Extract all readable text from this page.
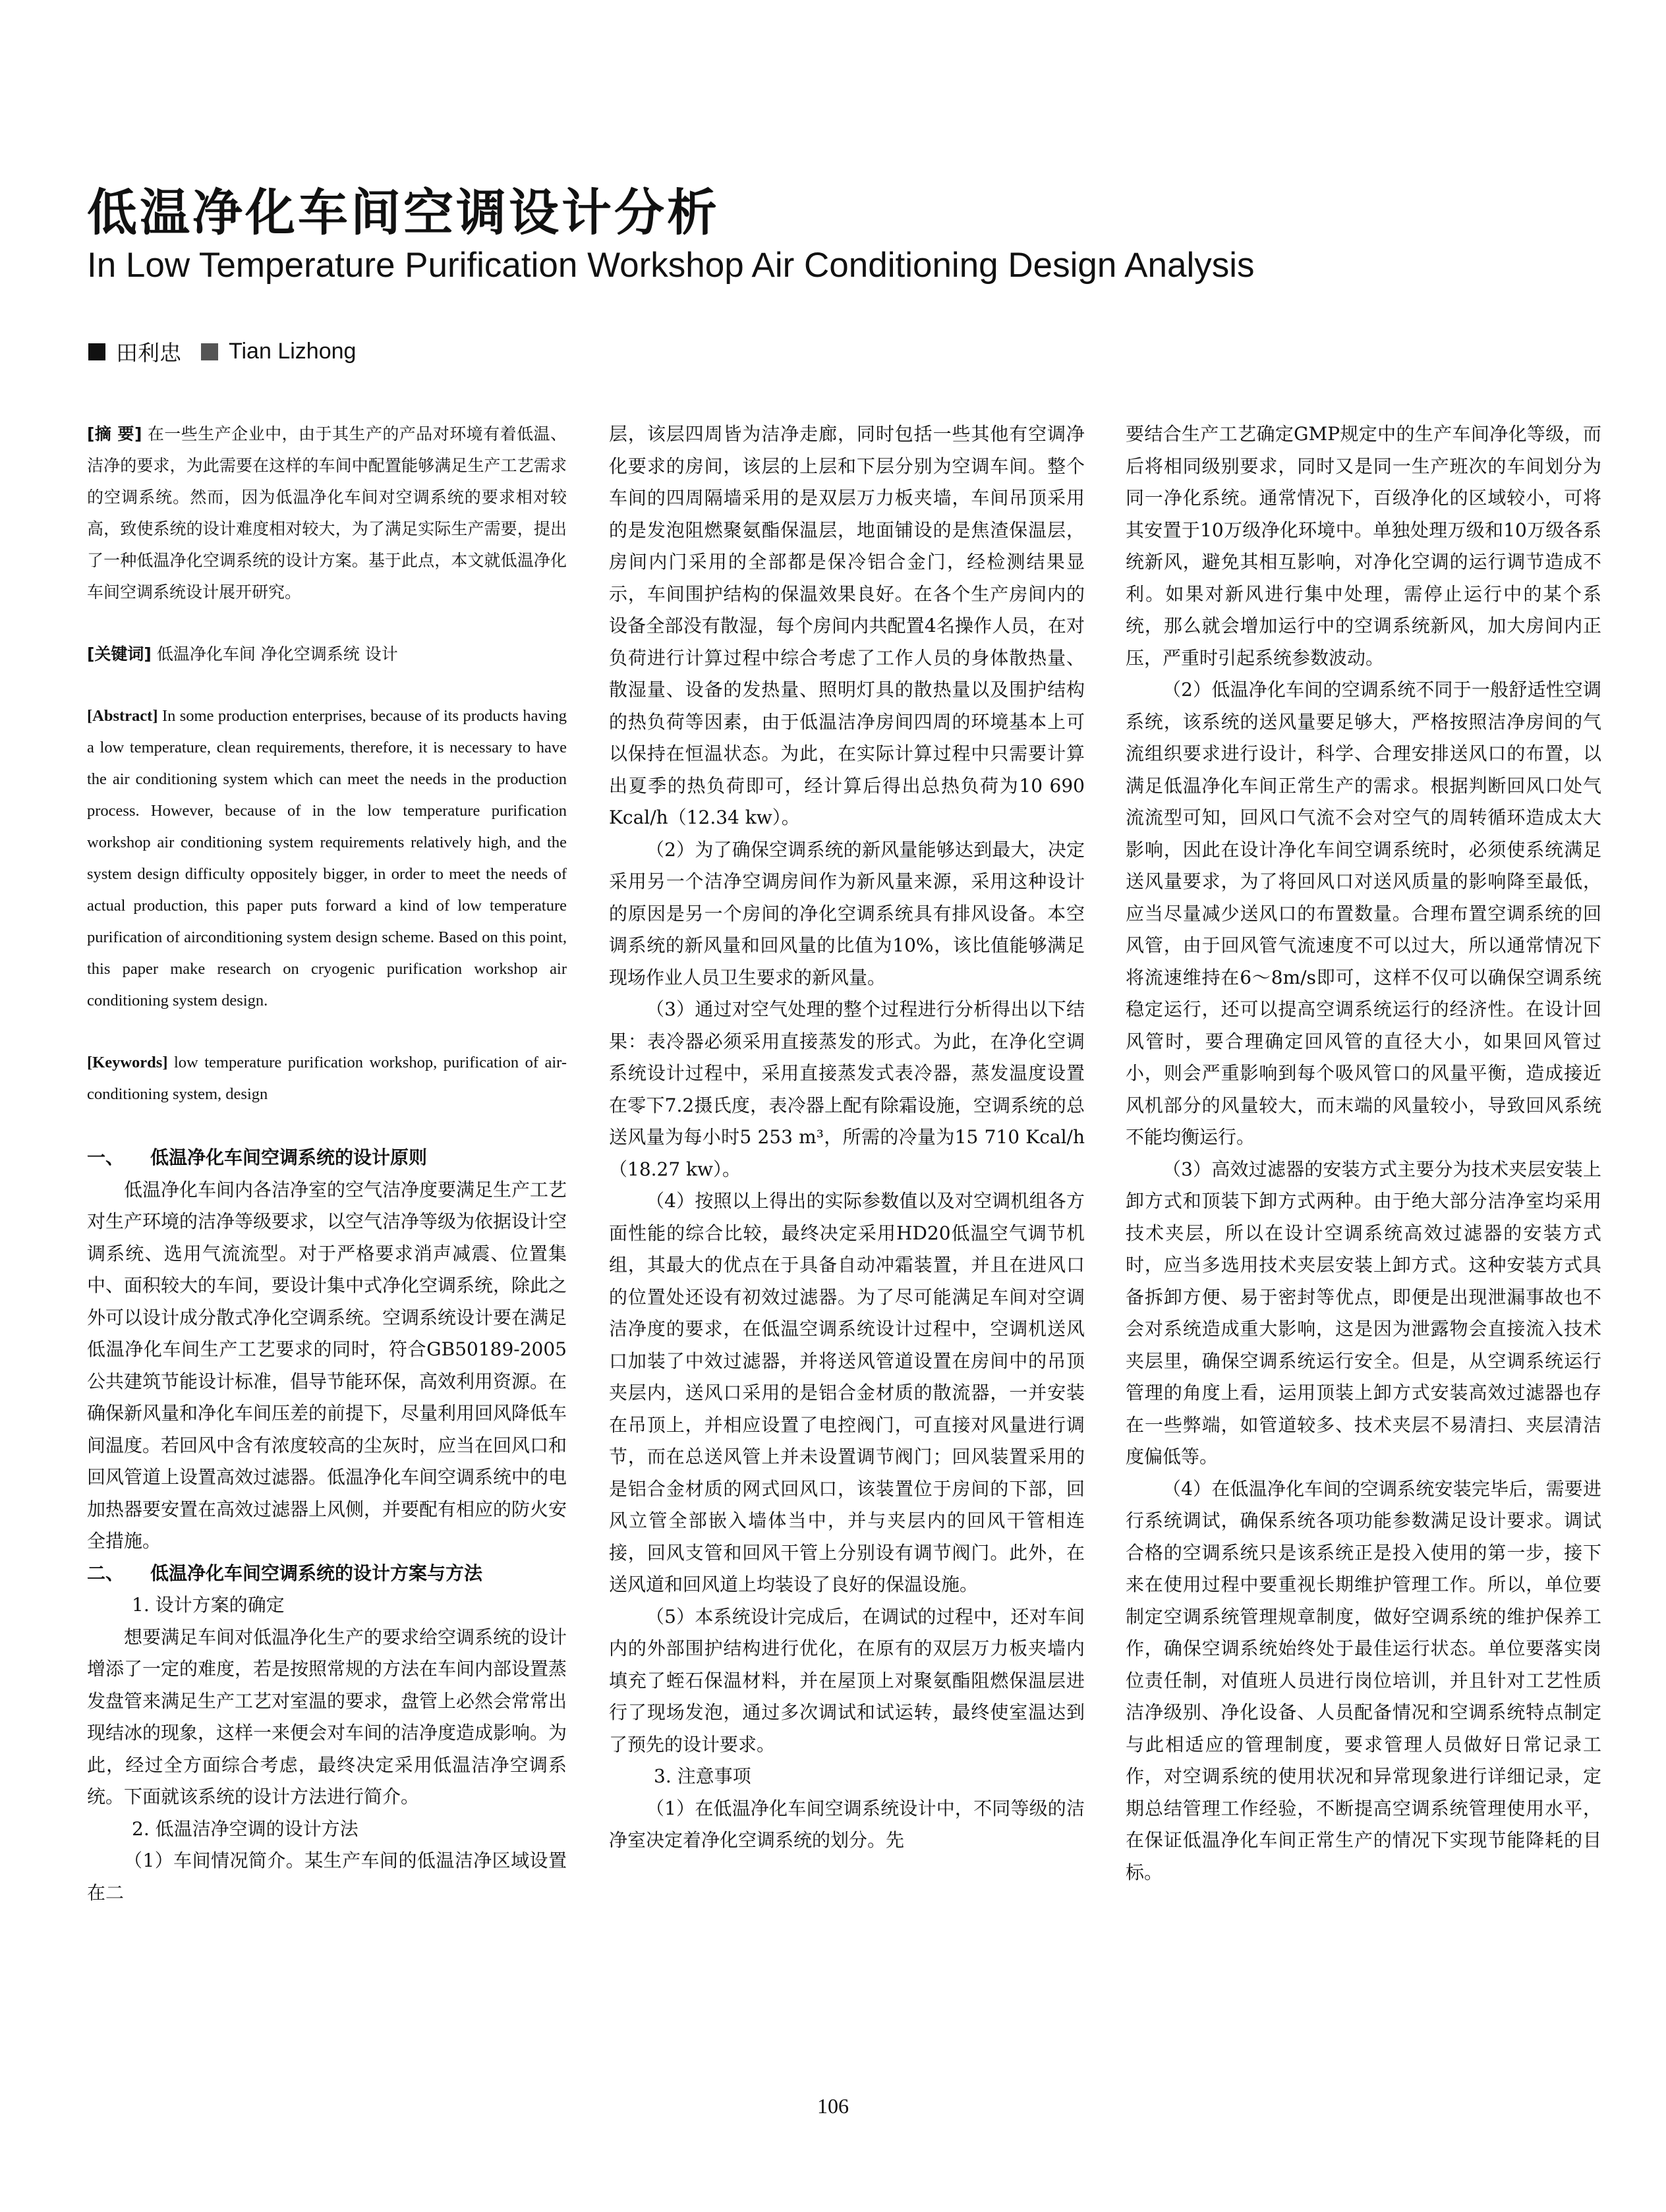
低温净化车间空调设计分析
In Low Temperature Purification Workshop Air Conditioning Design Analysis
田利忠 Tian Lizhong

[摘 要] 在一些生产企业中，由于其生产的产品对环境有着低温、洁净的要求，为此需要在这样的车间中配置能够满足生产工艺需求的空调系统。然而，因为低温净化车间对空调系统的要求相对较高，致使系统的设计难度相对较大，为了满足实际生产需要，提出了一种低温净化空调系统的设计方案。基于此点，本文就低温净化车间空调系统设计展开研究。

[关键词] 低温净化车间 净化空调系统 设计

[Abstract] In some production enterprises, because of its products having a low temperature, clean requirements, therefore, it is necessary to have the air conditioning system which can meet the needs in the production process. However, because of in the low temperature purification workshop air conditioning system requirements relatively high, and the system design difficulty oppositely bigger, in order to meet the needs of actual production, this paper puts forward a kind of low temperature purification of airconditioning system design scheme. Based on this point, this paper make research on cryogenic purification workshop air conditioning system design.

[Keywords] low temperature purification workshop, purification of air-conditioning system, design

一、 低温净化车间空调系统的设计原则

低温净化车间内各洁净室的空气洁净度要满足生产工艺对生产环境的洁净等级要求，以空气洁净等级为依据设计空调系统、选用气流流型。对于严格要求消声减震、位置集中、面积较大的车间，要设计集中式净化空调系统，除此之外可以设计成分散式净化空调系统。空调系统设计要在满足低温净化车间生产工艺要求的同时，符合GB50189-2005公共建筑节能设计标准，倡导节能环保，高效利用资源。在确保新风量和净化车间压差的前提下，尽量利用回风降低车间温度。若回风中含有浓度较高的尘灰时，应当在回风口和回风管道上设置高效过滤器。低温净化车间空调系统中的电加热器要安置在高效过滤器上风侧，并要配有相应的防火安全措施。

二、 低温净化车间空调系统的设计方案与方法

1. 设计方案的确定

想要满足车间对低温净化生产的要求给空调系统的设计增添了一定的难度，若是按照常规的方法在车间内部设置蒸发盘管来满足生产工艺对室温的要求，盘管上必然会常常出现结冰的现象，这样一来便会对车间的洁净度造成影响。为此，经过全方面综合考虑，最终决定采用低温洁净空调系统。下面就该系统的设计方法进行简介。

2. 低温洁净空调的设计方法

（1）车间情况简介。某生产车间的低温洁净区域设置在二

层，该层四周皆为洁净走廊，同时包括一些其他有空调净化要求的房间，该层的上层和下层分别为空调车间。整个车间的四周隔墙采用的是双层万力板夹墙，车间吊顶采用的是发泡阻燃聚氨酯保温层，地面铺设的是焦渣保温层，房间内门采用的全部都是保冷铝合金门，经检测结果显示，车间围护结构的保温效果良好。在各个生产房间内的设备全部没有散湿，每个房间内共配置4名操作人员，在对负荷进行计算过程中综合考虑了工作人员的身体散热量、散湿量、设备的发热量、照明灯具的散热量以及围护结构的热负荷等因素，由于低温洁净房间四周的环境基本上可以保持在恒温状态。为此，在实际计算过程中只需要计算出夏季的热负荷即可，经计算后得出总热负荷为10 690 Kcal/h（12.34 kw）。

（2）为了确保空调系统的新风量能够达到最大，决定采用另一个洁净空调房间作为新风量来源，采用这种设计的原因是另一个房间的净化空调系统具有排风设备。本空调系统的新风量和回风量的比值为10%，该比值能够满足现场作业人员卫生要求的新风量。

（3）通过对空气处理的整个过程进行分析得出以下结果：表冷器必须采用直接蒸发的形式。为此，在净化空调系统设计过程中，采用直接蒸发式表冷器，蒸发温度设置在零下7.2摄氏度，表冷器上配有除霜设施，空调系统的总送风量为每小时5 253 m³，所需的冷量为15 710 Kcal/h（18.27 kw）。

（4）按照以上得出的实际参数值以及对空调机组各方面性能的综合比较，最终决定采用HD20低温空气调节机组，其最大的优点在于具备自动冲霜装置，并且在进风口的位置处还设有初效过滤器。为了尽可能满足车间对空调洁净度的要求，在低温空调系统设计过程中，空调机送风口加装了中效过滤器，并将送风管道设置在房间中的吊顶夹层内，送风口采用的是铝合金材质的散流器，一并安装在吊顶上，并相应设置了电控阀门，可直接对风量进行调节，而在总送风管上并未设置调节阀门；回风装置采用的是铝合金材质的网式回风口，该装置位于房间的下部，回风立管全部嵌入墙体当中，并与夹层内的回风干管相连接，回风支管和回风干管上分别设有调节阀门。此外，在送风道和回风道上均装设了良好的保温设施。

（5）本系统设计完成后，在调试的过程中，还对车间内的外部围护结构进行优化，在原有的双层万力板夹墙内填充了蛭石保温材料，并在屋顶上对聚氨酯阻燃保温层进行了现场发泡，通过多次调试和试运转，最终使室温达到了预先的设计要求。

3. 注意事项

（1）在低温净化车间空调系统设计中，不同等级的洁净室决定着净化空调系统的划分。先

要结合生产工艺确定GMP规定中的生产车间净化等级，而后将相同级别要求，同时又是同一生产班次的车间划分为同一净化系统。通常情况下，百级净化的区域较小，可将其安置于10万级净化环境中。单独处理万级和10万级各系统新风，避免其相互影响，对净化空调的运行调节造成不利。如果对新风进行集中处理，需停止运行中的某个系统，那么就会增加运行中的空调系统新风，加大房间内正压，严重时引起系统参数波动。

（2）低温净化车间的空调系统不同于一般舒适性空调系统，该系统的送风量要足够大，严格按照洁净房间的气流组织要求进行设计，科学、合理安排送风口的布置，以满足低温净化车间正常生产的需求。根据判断回风口处气流流型可知，回风口气流不会对空气的周转循环造成太大影响，因此在设计净化车间空调系统时，必须使系统满足送风量要求，为了将回风口对送风质量的影响降至最低，应当尽量减少送风口的布置数量。合理布置空调系统的回风管，由于回风管气流速度不可以过大，所以通常情况下将流速维持在6～8m/s即可，这样不仅可以确保空调系统稳定运行，还可以提高空调系统运行的经济性。在设计回风管时，要合理确定回风管的直径大小，如果回风管过小，则会严重影响到每个吸风管口的风量平衡，造成接近风机部分的风量较大，而末端的风量较小，导致回风系统不能均衡运行。

（3）高效过滤器的安装方式主要分为技术夹层安装上卸方式和顶装下卸方式两种。由于绝大部分洁净室均采用技术夹层，所以在设计空调系统高效过滤器的安装方式时，应当多选用技术夹层安装上卸方式。这种安装方式具备拆卸方便、易于密封等优点，即便是出现泄漏事故也不会对系统造成重大影响，这是因为泄露物会直接流入技术夹层里，确保空调系统运行安全。但是，从空调系统运行管理的角度上看，运用顶装上卸方式安装高效过滤器也存在一些弊端，如管道较多、技术夹层不易清扫、夹层清洁度偏低等。

（4）在低温净化车间的空调系统安装完毕后，需要进行系统调试，确保系统各项功能参数满足设计要求。调试合格的空调系统只是该系统正是投入使用的第一步，接下来在使用过程中要重视长期维护管理工作。所以，单位要制定空调系统管理规章制度，做好空调系统的维护保养工作，确保空调系统始终处于最佳运行状态。单位要落实岗位责任制，对值班人员进行岗位培训，并且针对工艺性质洁净级别、净化设备、人员配备情况和空调系统特点制定与此相适应的管理制度，要求管理人员做好日常记录工作，对空调系统的使用状况和异常现象进行详细记录，定期总结管理工作经验，不断提高空调系统管理使用水平，在保证低温净化车间正常生产的情况下实现节能降耗的目标。

106
